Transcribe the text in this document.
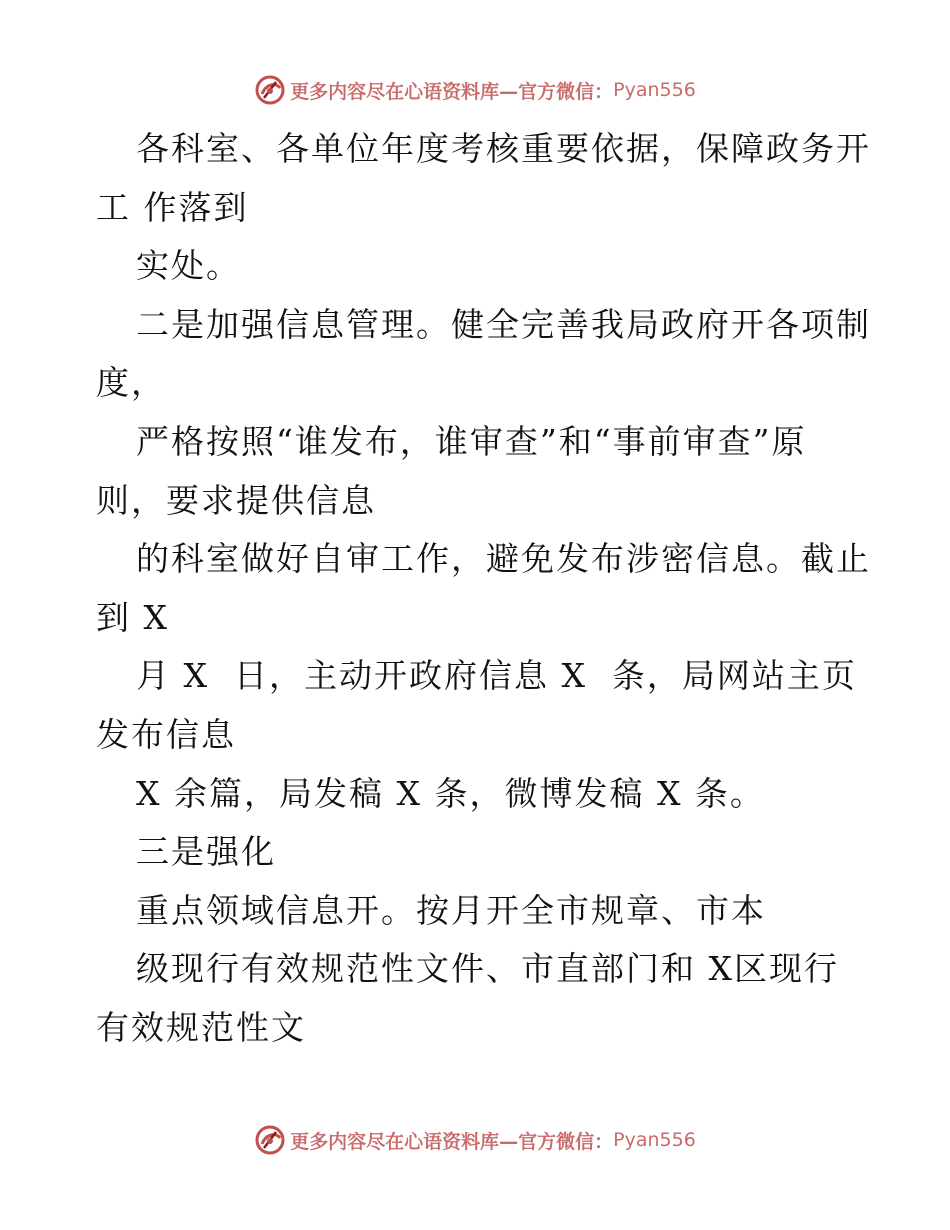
更多内容尽在心语资料库—官方微信： Pyan556
各科室、各单位年度考核重要依据，保障政务开
工 作落到
实处。
二是加强信息管理。健全完善我局政府开各项制
度，
严格按照“谁发布，谁审查”和“事前审查”原
则，要求提供信息
的科室做好自审工作，避免发布涉密信息。截止
到 X
月 X  日，主动开政府信息 X  条，局网站主页
发布信息
X 余篇，局发稿 X 条，微博发稿 X 条。
三是强化
重点领域信息开。按月开全市规章、市本
级现行有效规范性文件、市直部门和 X区现行
有效规范性文
更多内容尽在心语资料库—官方微信： Pyan556
